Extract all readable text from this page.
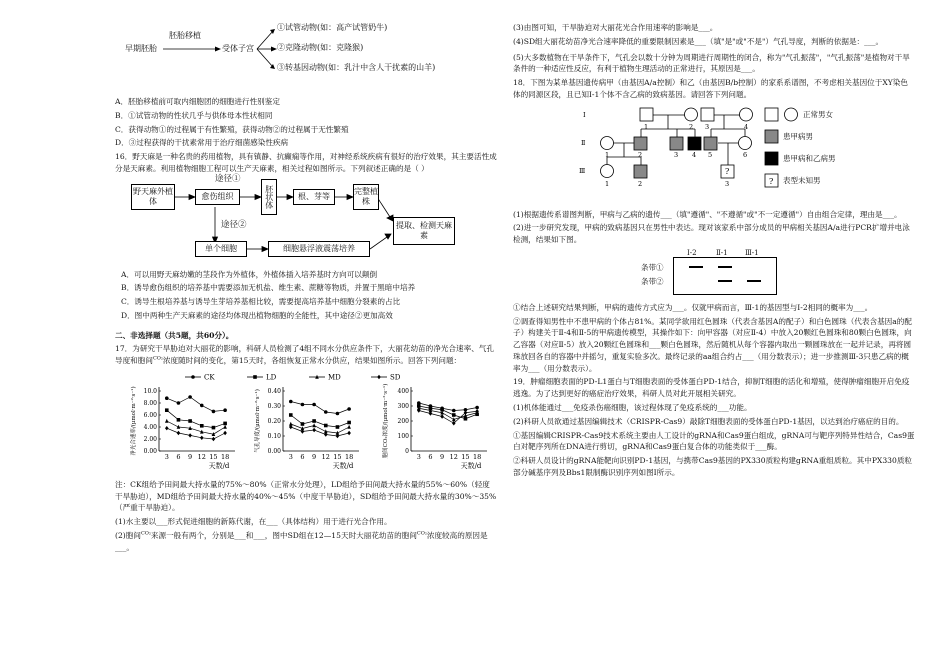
早期胚胎
胚胎移植
受体子宫
①试管动物(如：高产试管奶牛)
②克隆动物(如：克隆猴)
③转基因动物(如：乳汁中含人干扰素的山羊)

A．胚胎移植前可取内细胞团的细胞进行性别鉴定

B．①试管动物的性状几乎与供体母本性状相同

C．获得动物①的过程属于有性繁殖，获得动物②的过程属于无性繁殖

D．③过程获得的干扰素常用于治疗细菌感染性疾病

16．野天麻是一种名贵的药用植物，具有镇静、抗癫痫等作用，对神经系统疾病有很好的治疗效果，其主要活性成分是天麻素。利用植物细胞工程可以生产天麻素，相关过程如图所示。下列叙述正确的是（ ）

途径①
途径②
野天麻外植体
愈伤组织	胚状体	根、芽等
完整植株
提取、检测天麻素
单个细胞	细胞悬浮液震荡培养

A．可以用野天麻幼嫩的茎段作为外植体，外植体插入培养基时方向可以颠倒

B．诱导愈伤组织的培养基中需要添加无机盐、维生素、蔗糖等物质，并置于黑暗中培养

C．诱导生根培养基与诱导生芽培养基相比较，需要提高培养基中细胞分裂素的占比

D．图中两种生产天麻素的途径均体现出植物细胞的全能性，其中途径②更加高效

二、非选择题（共5题，共60分）。

17．为研究干旱胁迫对大丽花的影响，科研人员检测了4组不同水分供应条件下，大丽花幼苗的净光合速率、气孔导度和胞间$^{CO_2}$浓度随时间的变化，第15天时，各组恢复正常水分供应，结果如图所示。回答下列问题：

CK	LD	MD	SD
0.00
2.00
4.00
6.00
8.00
10.0
3 6 9 12 15 18
天数/d
净光合速率/(μmol·m⁻²·s⁻¹)	0.00
0.10
0.20
0.30
0.40
3 6 9 12 15 18
天数/d
气孔导度/(μmol·m⁻²·s⁻¹)	0
100
200
300
400
3 6 9 12 15 18
天数/d
胞间CO₂浓度/(μmol·m⁻²·s⁻¹)

注：CK组给予田间最大持水量的75%～80%（正常水分处理），LD组给予田间最大持水量的55%～60%（轻度干旱胁迫），MD组给予田间最大持水量的40%～45%（中度干旱胁迫），SD组给予田间最大持水量的30%～35%（严重干旱胁迫）。

(1)水主要以___形式促进细胞的新陈代谢，在___（具体结构）用于进行光合作用。

(2)胞间$^{CO_2}$来源一般有两个，分别是___和___，图中SD组在12—15天时大丽花幼苗的胞间$^{CO_2}$浓度较高的原因是___。

(3)由图可知，干旱胁迫对大丽花光合作用速率的影响是___。

(4)SD组大丽花幼苗净光合速率降低的重要限制因素是___（填"是"或"不是"）气孔导度，判断的依据是：___。

(5)大多数植物在干旱条件下，气孔会以数十分钟为周期进行周期性的闭合，称为"气孔振荡"，"气孔振荡"是植物对干旱条件的一种适应性反应，有利于植物生理活动的正常进行，其原因是___。

18．下图为某单基因遗传病甲（由基因A/a控制）和乙（由基因B/b控制）的家系系谱图，不考虑相关基因位于XY染色体的同源区段，且已知Ⅰ-1个体不含乙病的致病基因。请回答下列问题。

Ⅰ
Ⅱ
Ⅲ
1	2 3	4
1	2	3 4 5	6
1	2	3
?
?
正常男女
患甲病男
患甲病和乙病男
表型未知男

(1)根据遗传系谱图判断，甲病与乙病的遗传___（填"遵循"、"不遵循"或"不一定遵循"）自由组合定律，理由是___。

(2)进一步研究发现，甲病的致病基因只在男性中表达。现对该家系中部分成员的甲病相关基因A/a进行PCR扩增并电泳检测，结果如下图。

Ⅰ-2	Ⅱ-1 Ⅲ-1
条带①
条带②

①结合上述研究结果判断，甲病的遗传方式应为___。仅就甲病而言，Ⅲ-1的基因型与Ⅰ-2相同的概率为___。

②调查得知男性中不患甲病的个体占81%。某同学欲用红色圆珠（代表含基因A的配子）和白色圆珠（代表含基因a的配子）构建关于Ⅱ-4和Ⅱ-5的甲病遗传模型，其操作如下：向甲容器（对应Ⅱ-4）中放入20颗红色圆珠和80颗白色圆珠，向乙容器（对应Ⅱ-5）放入20颗红色圆珠和___颗白色圆珠，然后随机从每个容器内取出一颗圆珠放在一起并记录，再将圆珠放回各自的容器中并摇匀，重复实验多次。最终记录的aa组合约占___（用分数表示）；进一步推测Ⅲ-3只患乙病的概率为___（用分数表示）。

19．肿瘤细胞表面的PD-L1蛋白与T细胞表面的受体蛋白PD-1结合，抑制T细胞的活化和增殖，使得肿瘤细胞开启免疫逃逸。为了达到更好的癌症治疗效果，科研人员对此开展相关研究。

(1)机体能通过___免疫杀伤癌细胞，该过程体现了免疫系统的___功能。

(2)科研人员欲通过基因编辑技术（CRISPR-Cas9）敲除T细胞表面的受体蛋白PD-1基因，以达到治疗癌症的目的。

①基因编辑CRISPR-Cas9技术系统主要由人工设计的gRNA和Cas9蛋白组成，gRNA可与靶序列特异性结合，Cas9蛋白对靶序列所在DNA进行剪切，gRNA和Cas9蛋白复合体的功能类似于___酶。

②科研人员设计的gRNA能靶向识别PD-1基因，与携带Cas9基因的PX330质粒构建gRNA重组质粒。其中PX330质粒部分碱基序列及Bbs1限制酶识别序列如图Ⅰ所示。
